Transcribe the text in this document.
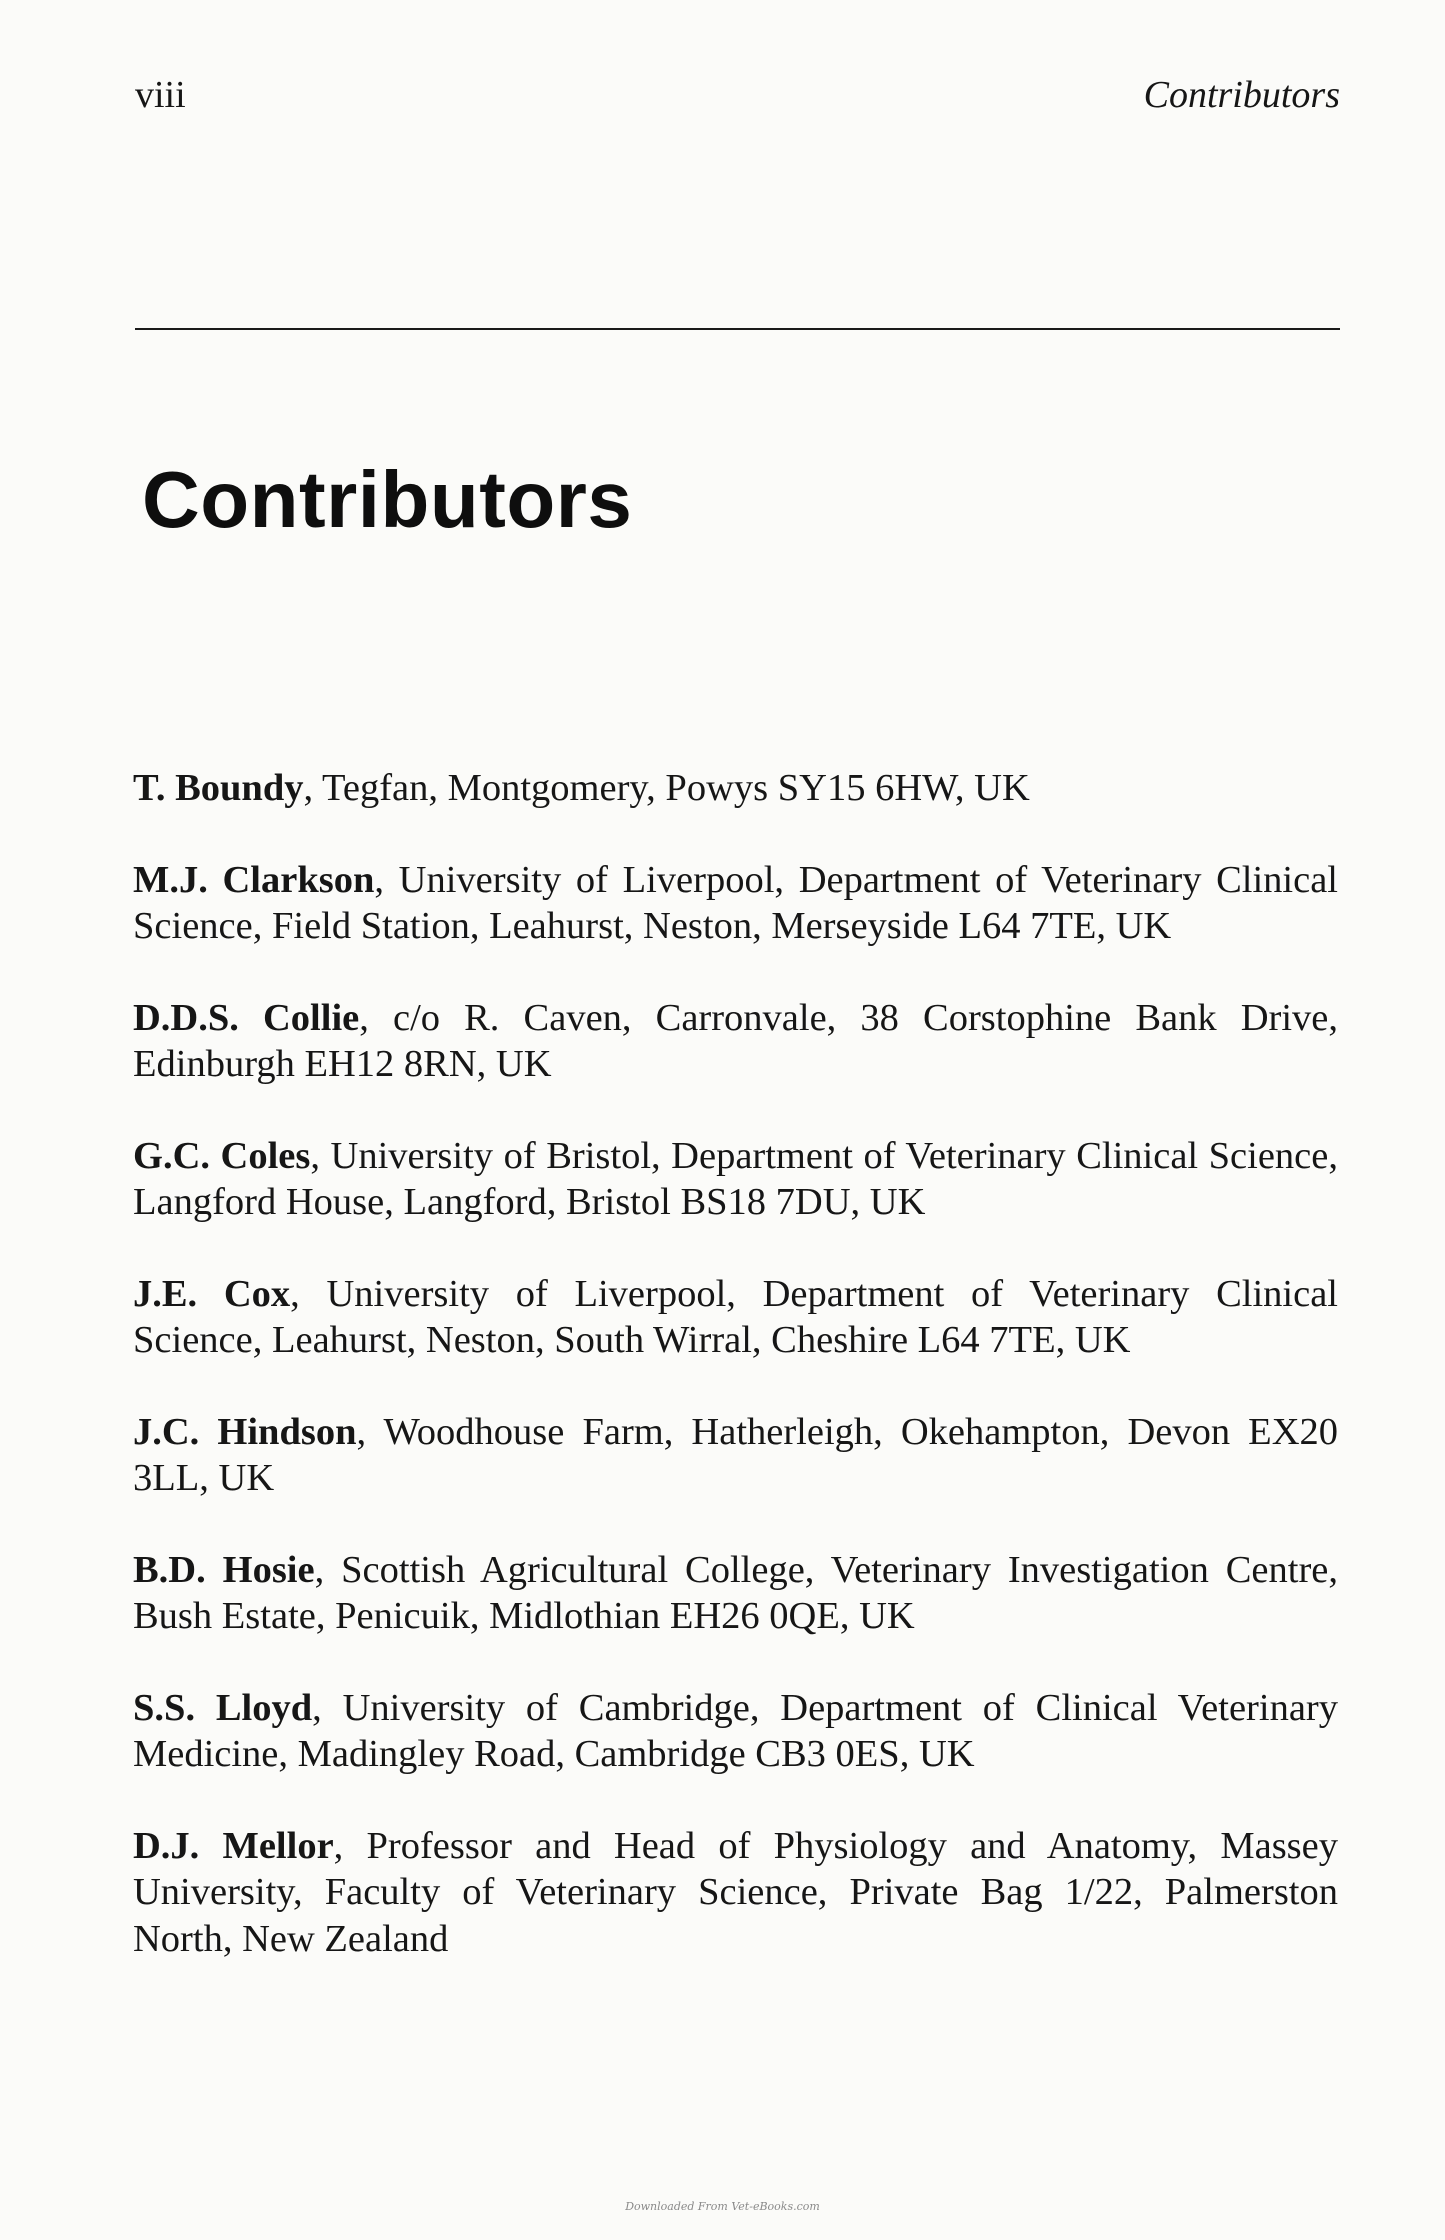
viii	Contributors
Contributors

T. Boundy, Tegfan, Montgomery, Powys SY15 6HW, UK

M.J. Clarkson, University of Liverpool, Department of Veterinary Clinical Science, Field Station, Leahurst, Neston, Merseyside L64 7TE, UK

D.D.S. Collie, c/o R. Caven, Carronvale, 38 Corstophine Bank Drive, Edinburgh EH12 8RN, UK

G.C. Coles, University of Bristol, Department of Veterinary Clinical Science, Langford House, Langford, Bristol BS18 7DU, UK

J.E. Cox, University of Liverpool, Department of Veterinary Clinical Science, Leahurst, Neston, South Wirral, Cheshire L64 7TE, UK

J.C. Hindson, Woodhouse Farm, Hatherleigh, Okehampton, Devon EX20 3LL, UK

B.D. Hosie, Scottish Agricultural College, Veterinary Investigation Centre, Bush Estate, Penicuik, Midlothian EH26 0QE, UK

S.S. Lloyd, University of Cambridge, Department of Clinical Veterinary Medicine, Madingley Road, Cambridge CB3 0ES, UK

D.J. Mellor, Professor and Head of Physiology and Anatomy, Massey University, Faculty of Veterinary Science, Private Bag 1/22, Palmerston North, New Zealand

Downloaded From Vet-eBooks.com
